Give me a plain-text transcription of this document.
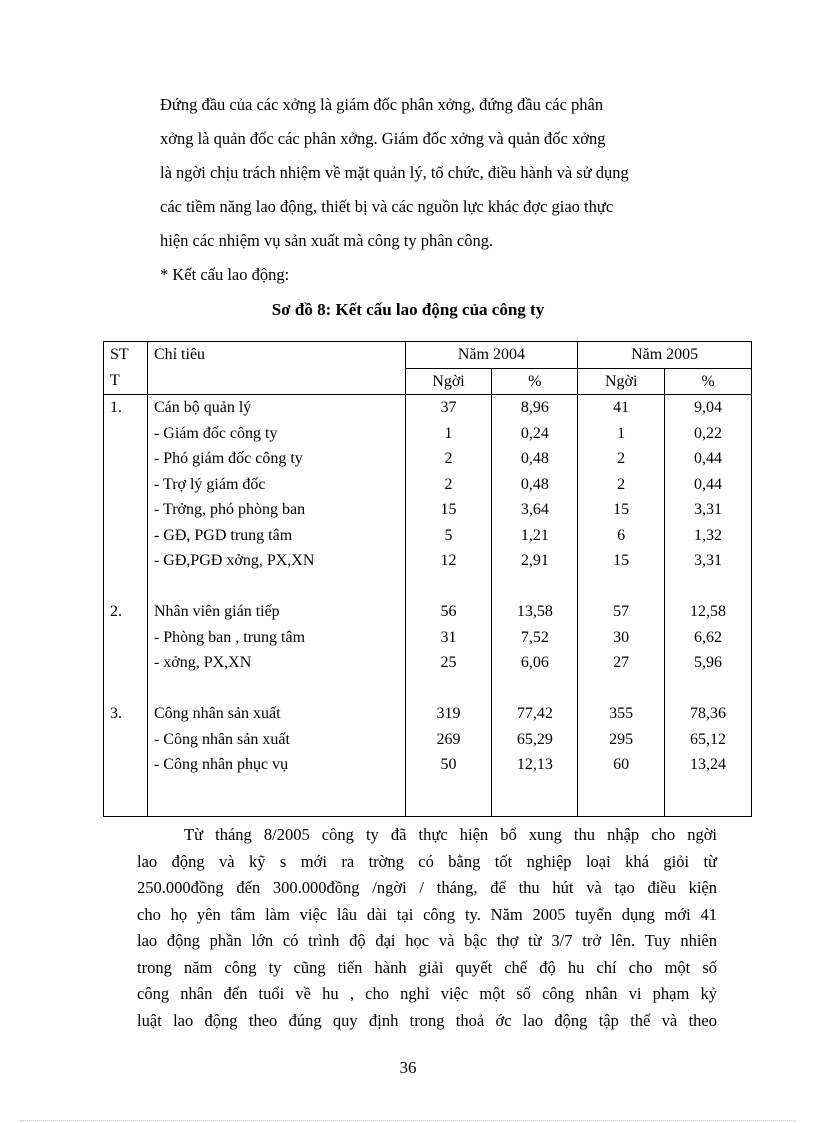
Đứng đầu của các xởng là giám đốc phân xởng, đứng đầu các phân

xởng là quản đốc các phân xởng. Giám đốc xởng và quản đốc xởng

là ngời chịu trách nhiệm về mặt quản lý, tổ chức, điều hành và sử dụng

các tiềm năng lao động, thiết bị và các nguồn lực khác đợc giao thực

hiện các nhiệm vụ sản xuất mà công ty phân công.

* Kết cấu lao động:

Sơ đồ 8: Kết cấu lao động của công ty
ST	Chỉ tiêu	Năm 2004		Năm 2005	
T		Ngời	%	Ngời	%
1.	Cán bộ quản lý	37	8,96	41	9,04
	- Giám đốc công ty	1	0,24	1	0,22
	- Phó giám đốc công ty	2	0,48	2	0,44
	- Trợ lý giám đốc	2	0,48	2	0,44
	- Trởng, phó phòng ban	15	3,64	15	3,31
	- GĐ, PGD trung tâm	5	1,21	6	1,32
	- GĐ,PGĐ xởng, PX,XN	12	2,91	15	3,31

2.	Nhân viên gián tiếp	56	13,58	57	12,58
	- Phòng ban , trung tâm	31	7,52	30	6,62
	- xởng, PX,XN	25	6,06	27	5,96

3.	Công nhân sản xuất	319	77,42	355	78,36
	- Công nhân sản xuất	269	65,29	295	65,12
	- Công nhân phục vụ	50	12,13	60	13,24

Từ tháng 8/2005 công ty đã thực hiện bổ xung thu nhập cho ngời

lao động và kỹ s mới ra trờng có bằng tốt nghiệp loại khá giỏi từ

250.000đồng đến 300.000đồng /ngời / tháng, để thu hút và tạo điều kiện

cho họ yên tâm làm việc lâu dài tại công ty. Năm 2005 tuyển dụng mới 41

lao động phần lớn có trình độ đại học và bậc thợ từ 3/7 trở lên. Tuy nhiên

trong năm công ty cũng tiến hành giải quyết chế độ hu chí cho một số

công nhân đến tuổi về hu , cho nghỉ việc một số công nhân vi phạm kỷ

luật lao động theo đúng quy định trong thoả ớc lao động tập thể và theo

36
